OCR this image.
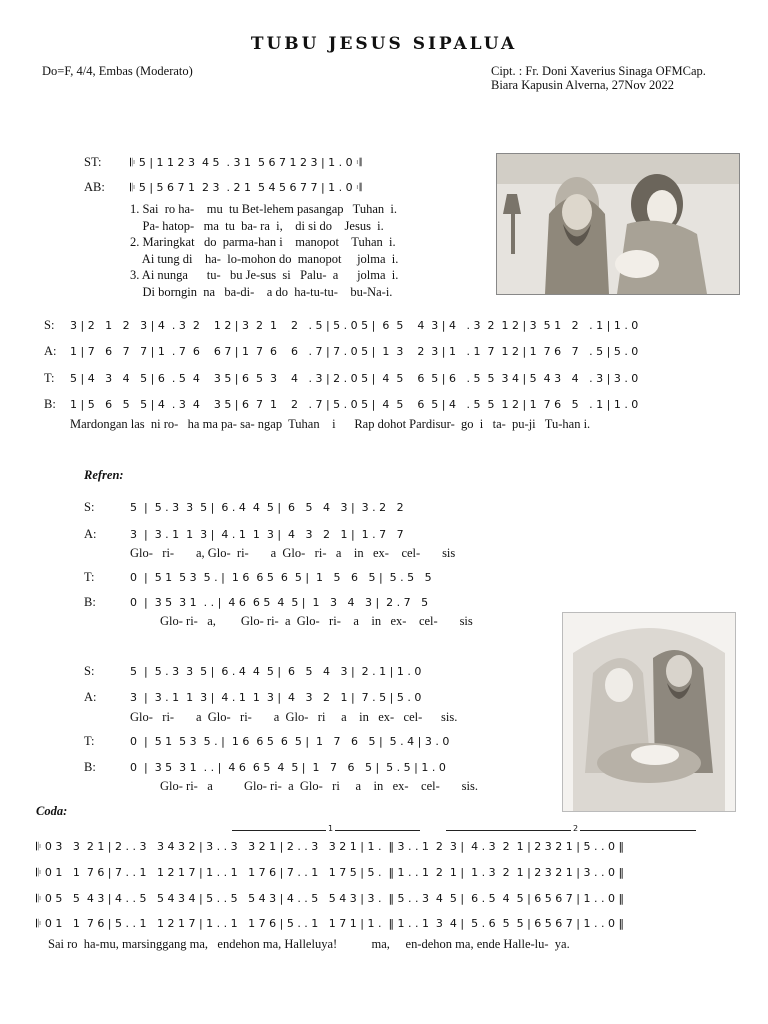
TUBU JESUS SIPALUA
Do=F, 4/4, Embas (Moderato)	Cipt. : Fr. Doni Xaverius Sinaga OFMCap.
Biara Kapusin Alverna, 27Nov 2022
ST:	𝄆 5 | 1 1 2 3  4 5  . 3 1  5 6 7 1 2 3 | 1 . 0 𝄇
AB: 𝄆 5 | 5 6 7 1  2 3  . 2 1  5 4 5 6 7 7 | 1 . 0 𝄇
1. Sai  ro ha-    mu  tu Bet-lehem pasangap   Tuhan  i.
Pa- hatop-   ma  tu  ba- ra  i,    di si do    Jesus  i.
2. Maringkat   do  parma-han i    manopot    Tuhan  i.
Ai tung di    ha-  lo-mohon do  manopot     jolma  i.
3. Ai nunga      tu-   bu Je-sus  si   Palu-  a      jolma  i.
Di borngin  na   ba-di-    a do  ha-tu-tu-    bu-Na-i.
S: 3 | 2   1   2   3 | 4  . 3  2    1 2 | 3  2  1    2   . 5 | 5 . 0 5 |  6  5    4  3 | 4   . 3  2  1 2 | 3  5 1   2   . 1 | 1 . 0
A: 1 | 7   6   7   7 | 1  . 7  6    6 7 | 1  7  6    6   . 7 | 7 . 0 5 |  1  3    2  3 | 1   . 1  7  1 2 | 1  7 6   7   . 5 | 5 . 0
T: 5 | 4   3   4   5 | 6  . 5  4    3 5 | 6  5  3    4   . 3 | 2 . 0 5 |  4  5    6  5 | 6   . 5  5  3 4 | 5  4 3   4   . 3 | 3 . 0
B: 1 | 5   6   5   5 | 4  . 3  4    3 5 | 6  7  1    2   . 7 | 5 . 0 5 |  4  5    6  5 | 4   . 5  5  1 2 | 1  7 6   5   . 1 | 1 . 0
Mardongan las  ni ro-   ha ma pa- sa- ngap  Tuhan    i      Rap dohot Pardisur-  go  i   ta-  pu-ji   Tu-han i.
Refren:
S:	5  |  5 . 3  3  5 |  6 . 4  4  5 |  6   5   4   3 |  3 . 2   2
A:	3  |  3 . 1  1  3 |  4 . 1  1  3 |  4   3   2   1 |  1 . 7   7
Glo-   ri-       a, Glo-  ri-       a  Glo-   ri-   a    in   ex-    cel-       sis
T:	0  |  5 1  5 3  5 . |  1 6  6 5  6  5 |  1   5   6   5 |  5 . 5   5
B:	0  |  3 5  3 1  . . |  4 6  6 5  4  5 |  1   3   4   3 |  2 . 7   5
Glo- ri-   a,        Glo- ri-  a  Glo-   ri-    a    in   ex-    cel-       sis
S:	5  |  5 . 3  3  5 |  6 . 4  4  5 |  6   5   4   3 |  2 . 1 | 1 . 0
A:	3  |  3 . 1  1  3 |  4 . 1  1  3 |  4   3   2   1 |  7 . 5 | 5 . 0
Glo-   ri-       a  Glo-   ri-       a  Glo-   ri     a    in   ex-   cel-      sis.
T:	0  |  5 1  5 3  5 . |  1 6  6 5  6  5 |  1   7   6   5 |  5 . 4 | 3 . 0
B:	0  |  3 5  3 1  . . |  4 6  6 5  4  5 |  1   7   6   5 |  5 . 5 | 1 . 0
Glo- ri-   a          Glo- ri-  a  Glo-   ri     a    in   ex-    cel-       sis.
Coda:
1	2
𝄆 0 3   3  2 1 | 2 . . 3   3 4 3 2 | 3 . . 3   3 2 1 | 2 . . 3   3 2 1 | 1 .  ‖ 3 . . 1  2  3 |  4 . 3  2  1 | 2 3 2 1 | 5 . . 0 ‖
𝄆 0 1   1  7 6 | 7 . . 1   1 2 1 7 | 1 . . 1   1 7 6 | 7 . . 1   1 7 5 | 5 .  ‖ 1 . . 1  2  1 |  1 . 3  2  1 | 2 3 2 1 | 3 . . 0 ‖
𝄆 0 5   5  4 3 | 4 . . 5   5 4 3 4 | 5 . . 5   5 4 3 | 4 . . 5   5 4 3 | 3 .  ‖ 5 . . 3  4  5 |  6 . 5  4  5 | 6 5 6 7 | 1 . . 0 ‖
𝄆 0 1   1  7 6 | 5 . . 1   1 2 1 7 | 1 . . 1   1 7 6 | 5 . . 1   1 7 1 | 1 .  ‖ 1 . . 1  3  4 |  5 . 6  5  5 | 6 5 6 7 | 1 . . 0 ‖
Sai ro  ha-mu, marsinggang ma,   endehon ma, Halleluya!           ma,     en-dehon ma, ende Halle-lu-  ya.
